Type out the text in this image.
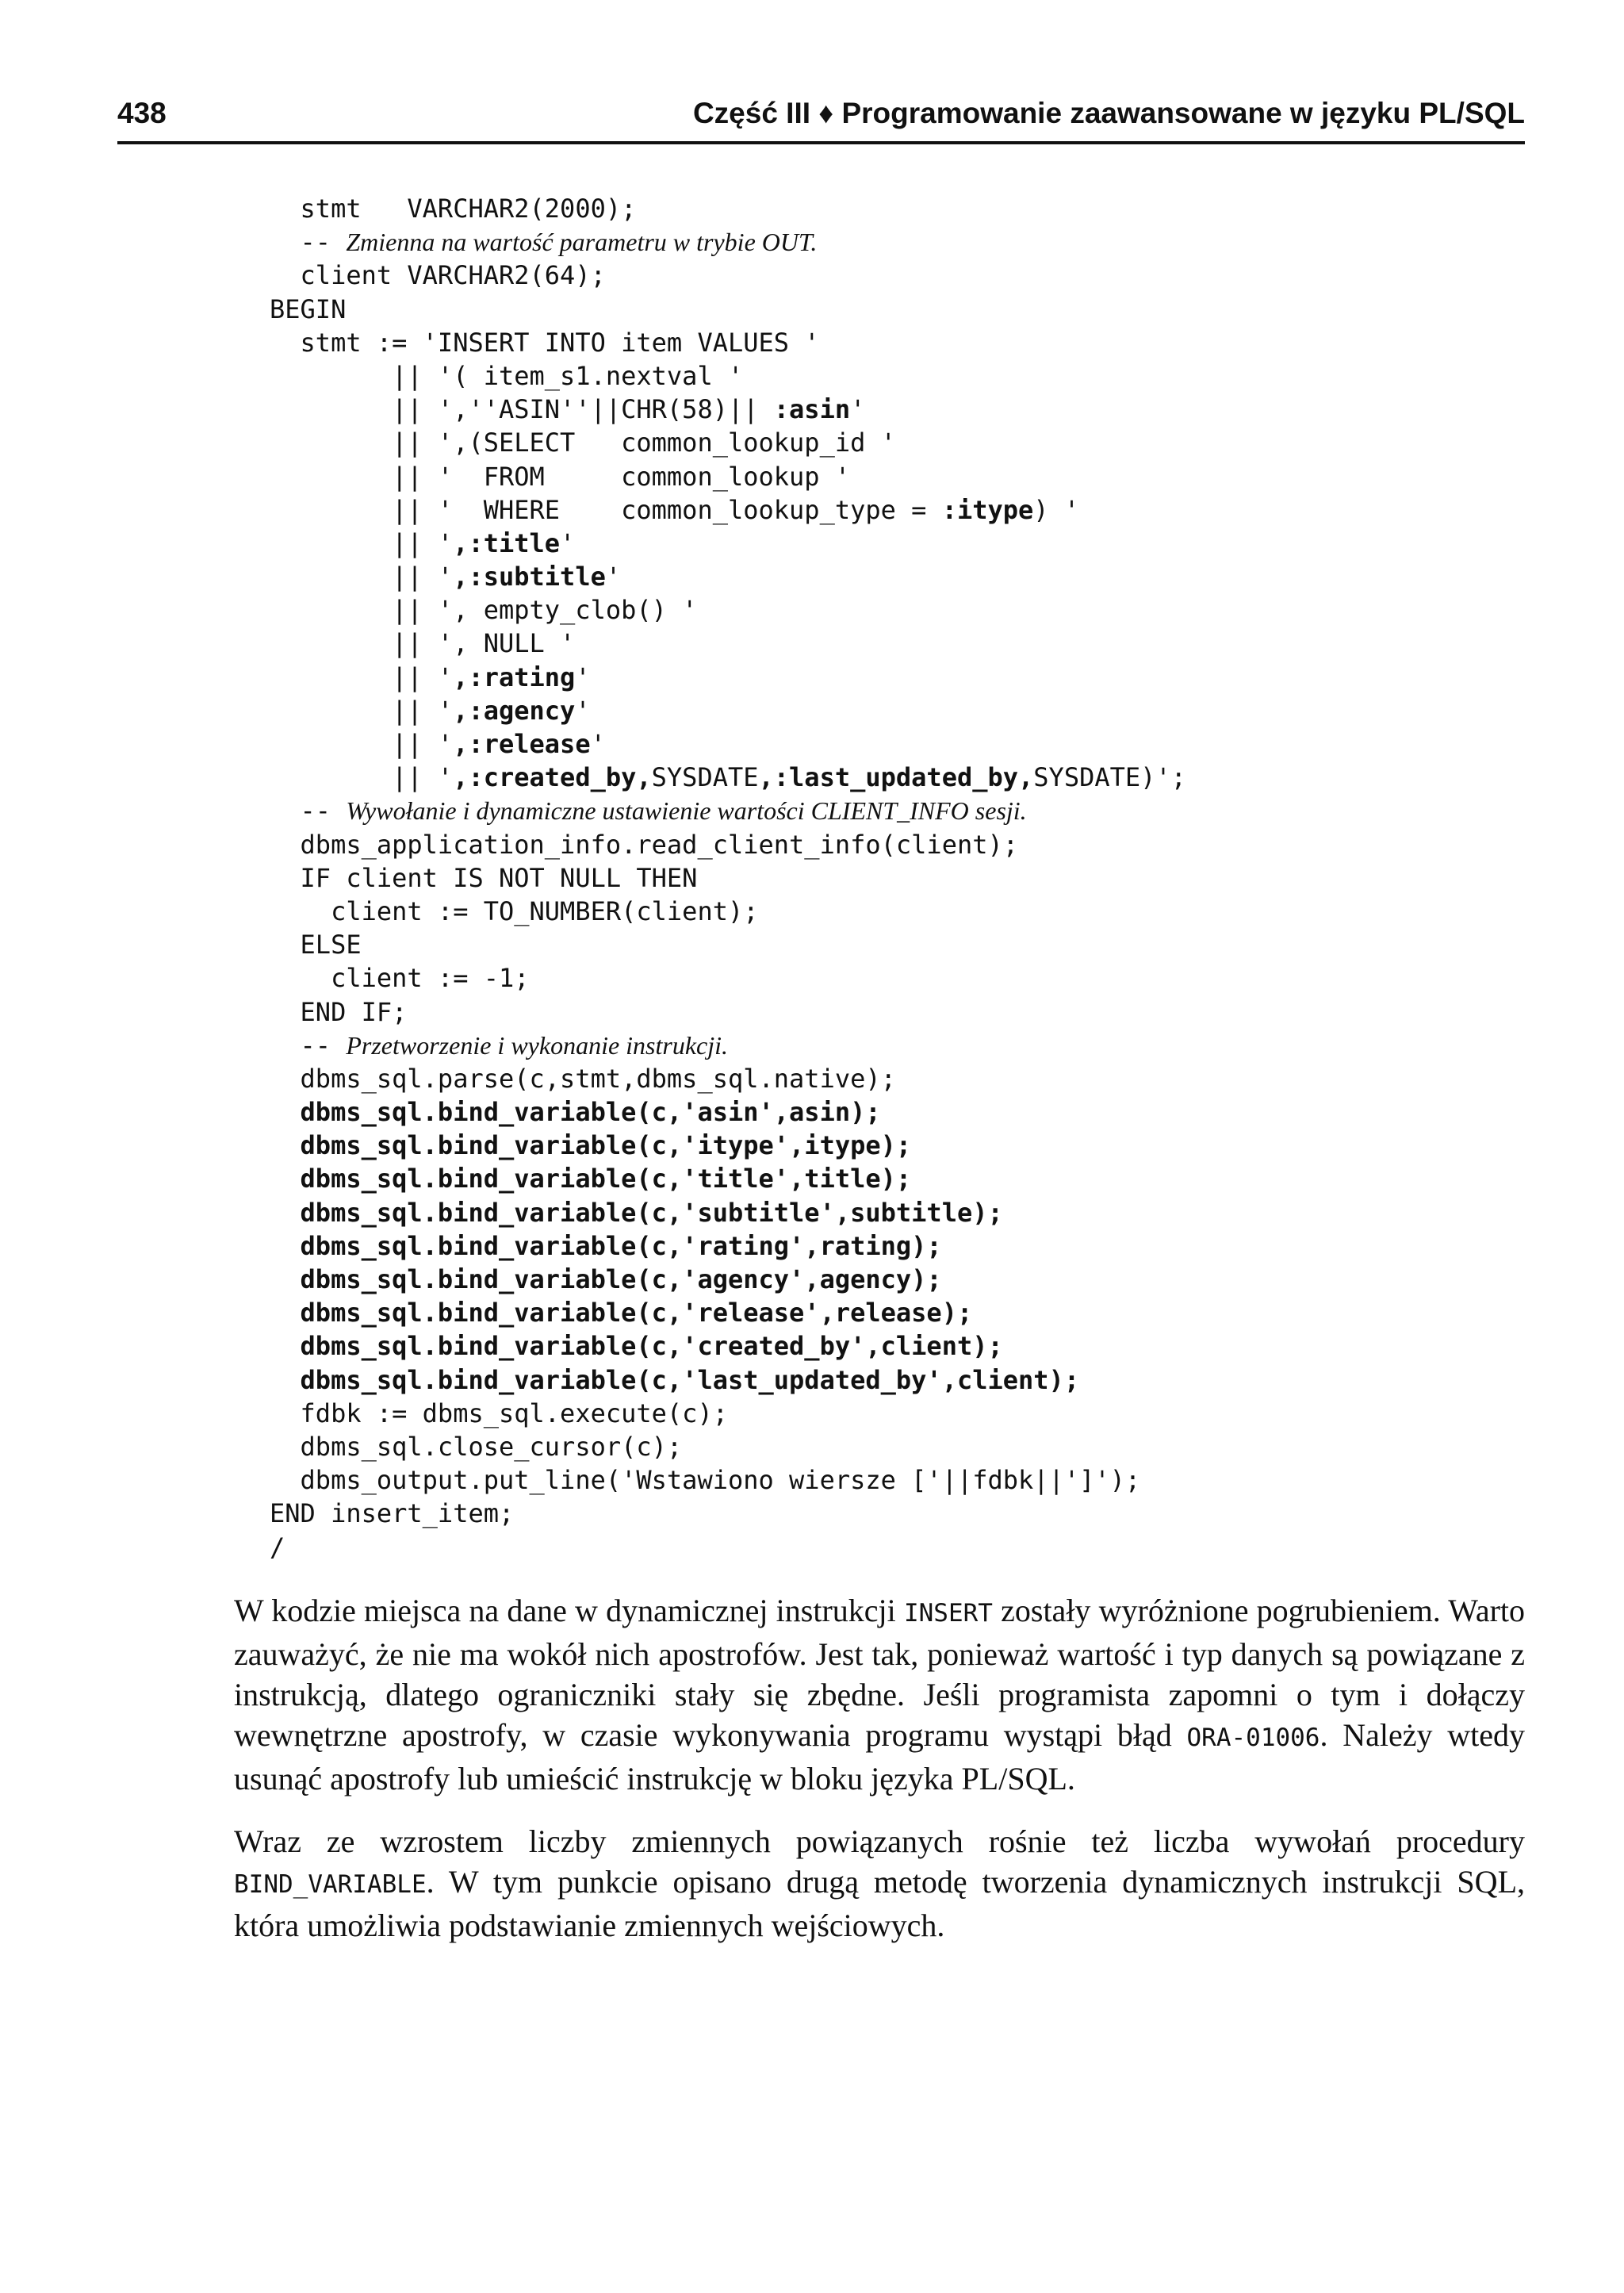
438	Część III ♦ Programowanie zaawansowane w języku PL/SQL
stmt   VARCHAR2(2000);
-- Zmienna na wartość parametru w trybie OUT.
client VARCHAR2(64);
BEGIN
stmt := 'INSERT INTO item VALUES '
|| '( item_s1.nextval '
|| ',''ASIN''||CHR(58)|| :asin'
|| ',(SELECT   common_lookup_id '
|| '  FROM     common_lookup '
|| '  WHERE    common_lookup_type = :itype) '
|| ',:title'
|| ',:subtitle'
|| ', empty_clob() '
|| ', NULL '
|| ',:rating'
|| ',:agency'
|| ',:release'
|| ',:created_by,SYSDATE,:last_updated_by,SYSDATE)';
-- Wywołanie i dynamiczne ustawienie wartości CLIENT_INFO sesji.
dbms_application_info.read_client_info(client);
IF client IS NOT NULL THEN
client := TO_NUMBER(client);
ELSE
client := -1;
END IF;
-- Przetworzenie i wykonanie instrukcji.
dbms_sql.parse(c,stmt,dbms_sql.native);
dbms_sql.bind_variable(c,'asin',asin);
dbms_sql.bind_variable(c,'itype',itype);
dbms_sql.bind_variable(c,'title',title);
dbms_sql.bind_variable(c,'subtitle',subtitle);
dbms_sql.bind_variable(c,'rating',rating);
dbms_sql.bind_variable(c,'agency',agency);
dbms_sql.bind_variable(c,'release',release);
dbms_sql.bind_variable(c,'created_by',client);
dbms_sql.bind_variable(c,'last_updated_by',client);
fdbk := dbms_sql.execute(c);
dbms_sql.close_cursor(c);
dbms_output.put_line('Wstawiono wiersze ['||fdbk||']');
END insert_item;
/
W kodzie miejsca na dane w dynamicznej instrukcji INSERT zostały wyróżnione pogrubieniem. Warto zauważyć, że nie ma wokół nich apostrofów. Jest tak, ponieważ wartość i typ danych są powiązane z instrukcją, dlatego ograniczniki stały się zbędne. Jeśli programista zapomni o tym i dołączy wewnętrzne apostrofy, w czasie wykonywania programu wystąpi błąd ORA-01006. Należy wtedy usunąć apostrofy lub umieścić instrukcję w bloku języka PL/SQL.
Wraz ze wzrostem liczby zmiennych powiązanych rośnie też liczba wywołań procedury BIND_VARIABLE. W tym punkcie opisano drugą metodę tworzenia dynamicznych instrukcji SQL, która umożliwia podstawianie zmiennych wejściowych.
